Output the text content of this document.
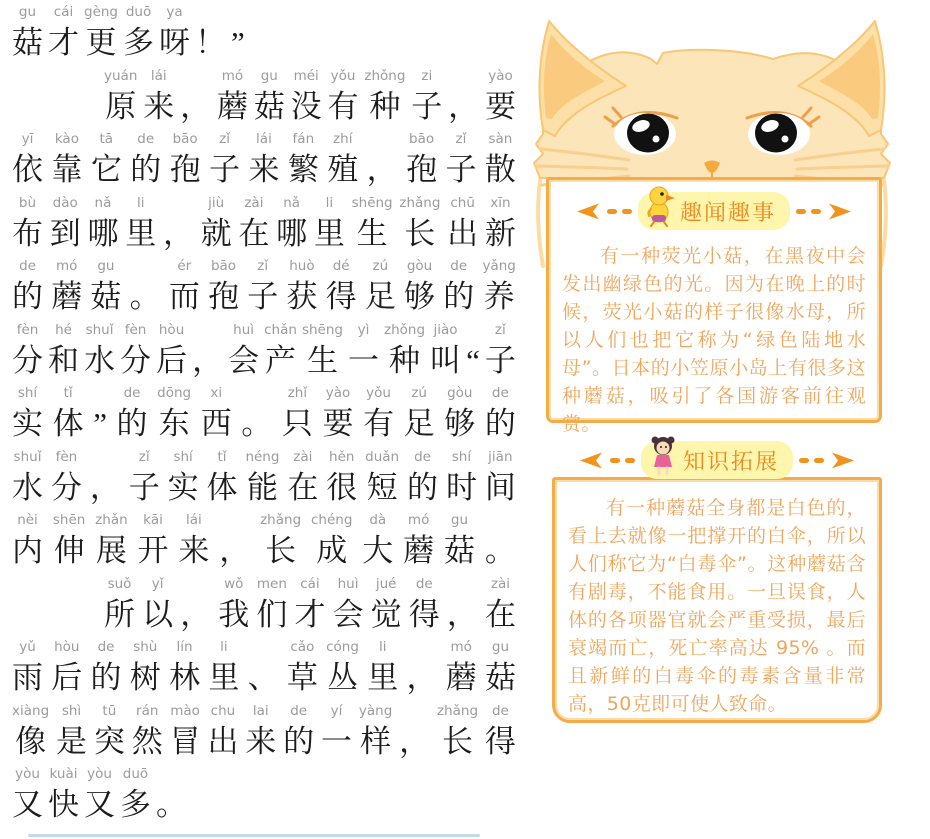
gu
菇
cái
才
gèng
更
duō
多
ya
呀 ！ ”
yuán
原
lái
来 ，
mó
蘑
gu
菇
méi
没
yǒu
有
zhǒng
种
zi
子 ，
yào
要
yī
依
kào
靠
tā
它
de
的
bāo
孢
zǐ
子
lái
来
fán
繁
zhí
殖 ，
bāo
孢
zǐ
子
sàn
散
bù
布
dào
到
nǎ
哪
li
里 ，
jiù
就
zài
在
nǎ
哪
li
里
shēng
生
zhǎng
长
chū
出
xīn
新
de
的
mó
蘑
gu
菇 。
ér
而
bāo
孢
zǐ
子
huò
获
dé
得
zú
足
gòu
够
de
的
yǎng
养
fèn
分
hé
和
shuǐ
水
fèn
分
hòu
后 ，
huì
会
chǎn
产
shēng
生
yì
一
zhǒng
种
jiào
叫 “
zǐ
子
shí
实
tǐ
体 ”
de
的
dōng
东
xi
西 。
zhǐ
只
yào
要
yǒu
有
zú
足
gòu
够
de
的
shuǐ
水
fèn
分 ，
zǐ
子
shí
实
tǐ
体
néng
能
zài
在
hěn
很
duǎn
短
de
的
shí
时
jiān
间
nèi
内
shēn
伸
zhǎn
展
kāi
开
lái
来 ，
zhǎng
长
chéng
成
dà
大
mó
蘑
gu
菇 。
suǒ
所
yǐ
以 ，
wǒ
我
men
们
cái
才
huì
会
jué
觉
de
得 ，
zài
在
yǔ
雨
hòu
后
de
的
shù
树
lín
林
li
里 、
cǎo
草
cóng
丛
li
里 ，
mó
蘑
gu
菇
xiàng
像
shì
是
tū
突
rán
然
mào
冒
chu
出
lai
来
de
的
yí
一
yàng
样 ，
zhǎng
长
de
得
yòu
又
kuài
快
yòu
又
duō
多 。

有一种荧光小菇，在黑夜中会发出幽绿色的光。因为在晚上的时候，荧光小菇的样子很像水母，所以人们也把它称为“绿色陆地水母”。日本的小笠原小岛上有很多这种蘑菇，吸引了各国游客前往观赏。

趣闻趣事

有一种蘑菇全身都是白色的，看上去就像一把撑开的白伞，所以人们称它为“白毒伞”。这种蘑菇含有剧毒，不能食用。一旦误食，人体的各项器官就会严重受损，最后衰竭而亡，死亡率高达 95% 。而且新鲜的白毒伞的毒素含量非常高，50克即可使人致命。

知识拓展
